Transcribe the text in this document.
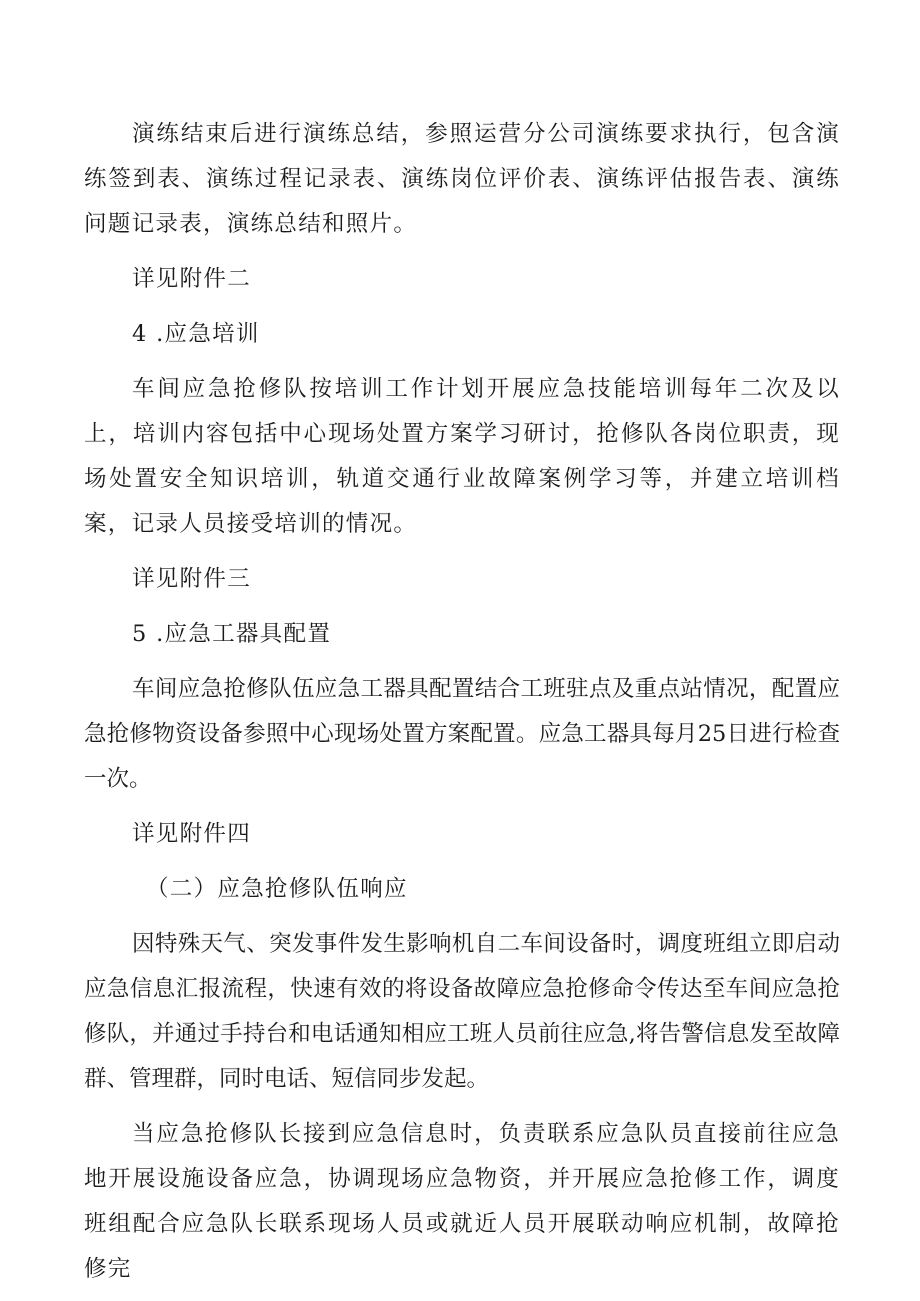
演练结束后进行演练总结，参照运营分公司演练要求执行，包含演练签到表、演练过程记录表、演练岗位评价表、演练评估报告表、演练问题记录表，演练总结和照片。

详见附件二

4 .应急培训

车间应急抢修队按培训工作计划开展应急技能培训每年二次及以上，培训内容包括中心现场处置方案学习研讨，抢修队各岗位职责，现场处置安全知识培训，轨道交通行业故障案例学习等，并建立培训档案，记录人员接受培训的情况。

详见附件三

5 .应急工器具配置

车间应急抢修队伍应急工器具配置结合工班驻点及重点站情况，配置应急抢修物资设备参照中心现场处置方案配置。应急工器具每月25日进行检查一次。

详见附件四

（二）应急抢修队伍响应

因特殊天气、突发事件发生影响机自二车间设备时，调度班组立即启动应急信息汇报流程，快速有效的将设备故障应急抢修命令传达至车间应急抢修队，并通过手持台和电话通知相应工班人员前往应急,将告警信息发至故障群、管理群，同时电话、短信同步发起。

当应急抢修队长接到应急信息时，负责联系应急队员直接前往应急地开展设施设备应急，协调现场应急物资，并开展应急抢修工作，调度班组配合应急队长联系现场人员或就近人员开展联动响应机制，故障抢修完
